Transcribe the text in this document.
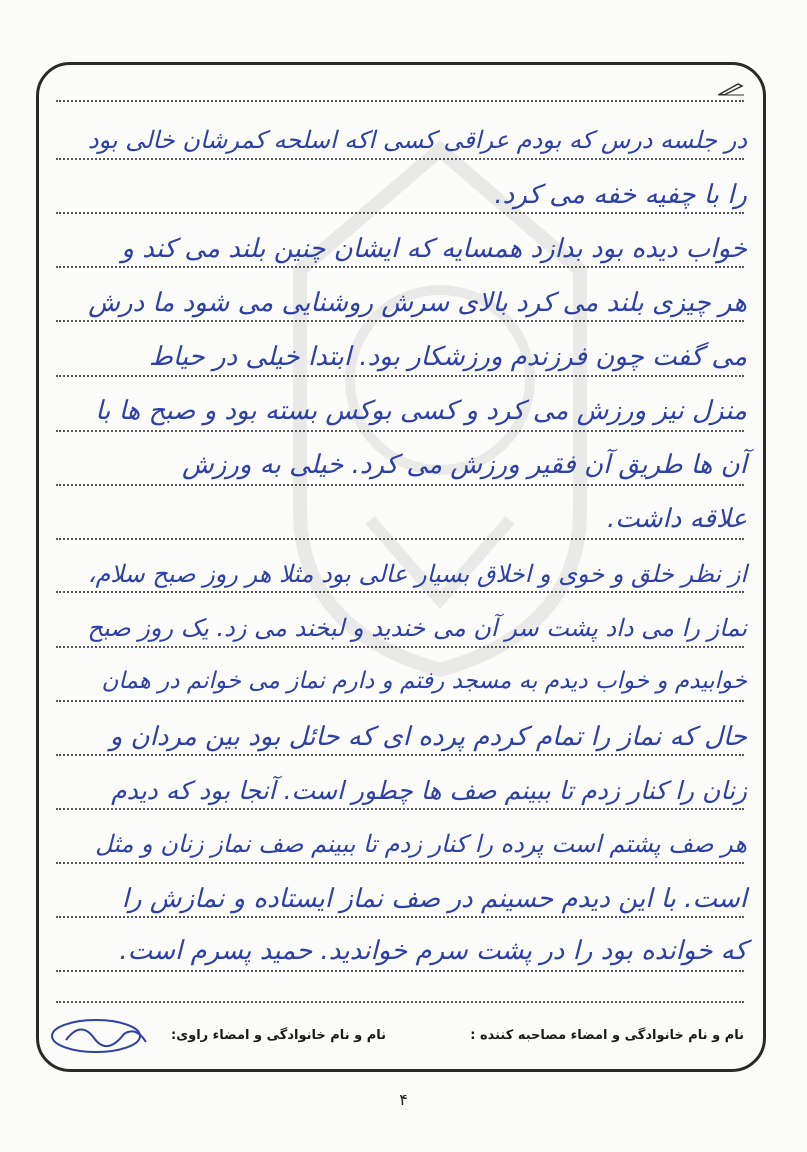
در جلسه درس که بودم عراقی کسی اکه اسلحه کمرشان خالی بود
را با چفیه خفه می کرد.
خواب دیده بود بدازد همسایه که ایشان چنین بلند می کند و
هر چیزی بلند می کرد بالای سرش روشنایی می شود ما درش
می گفت چون فرزندم ورزشکار بود. ابتدا خیلی در حیاط
منزل نیز ورزش می کرد و کسی بوکس بسته بود و صبح ها با
آن ها طریق آن فقیر ورزش می کرد. خیلی به ورزش
علاقه داشت.
از نظر خلق و خوی و اخلاق بسیار عالی بود مثلا هر روز صبح سلام،
نماز را می داد پشت سر آن می خندید و لبخند می زد. یک روز صبح
خوابیدم و خواب دیدم به مسجد رفتم و دارم نماز می خوانم در همان
حال که نماز را تمام کردم پرده ای که حائل بود بین مردان و
زنان را کنار زدم تا ببینم صف ها چطور است. آنجا بود که دیدم
هر صف پشتم است پرده را کنار زدم تا ببینم صف نماز زنان و مثل
است. با این دیدم حسینم در صف نماز ایستاده و نمازش را
که خوانده بود را در پشت سرم خواندید. حمید پسرم است.
نام و نام خانوادگی و امضاء مصاحبه کننده :
نام و نام خانوادگی و امضاء راوی:
۴
